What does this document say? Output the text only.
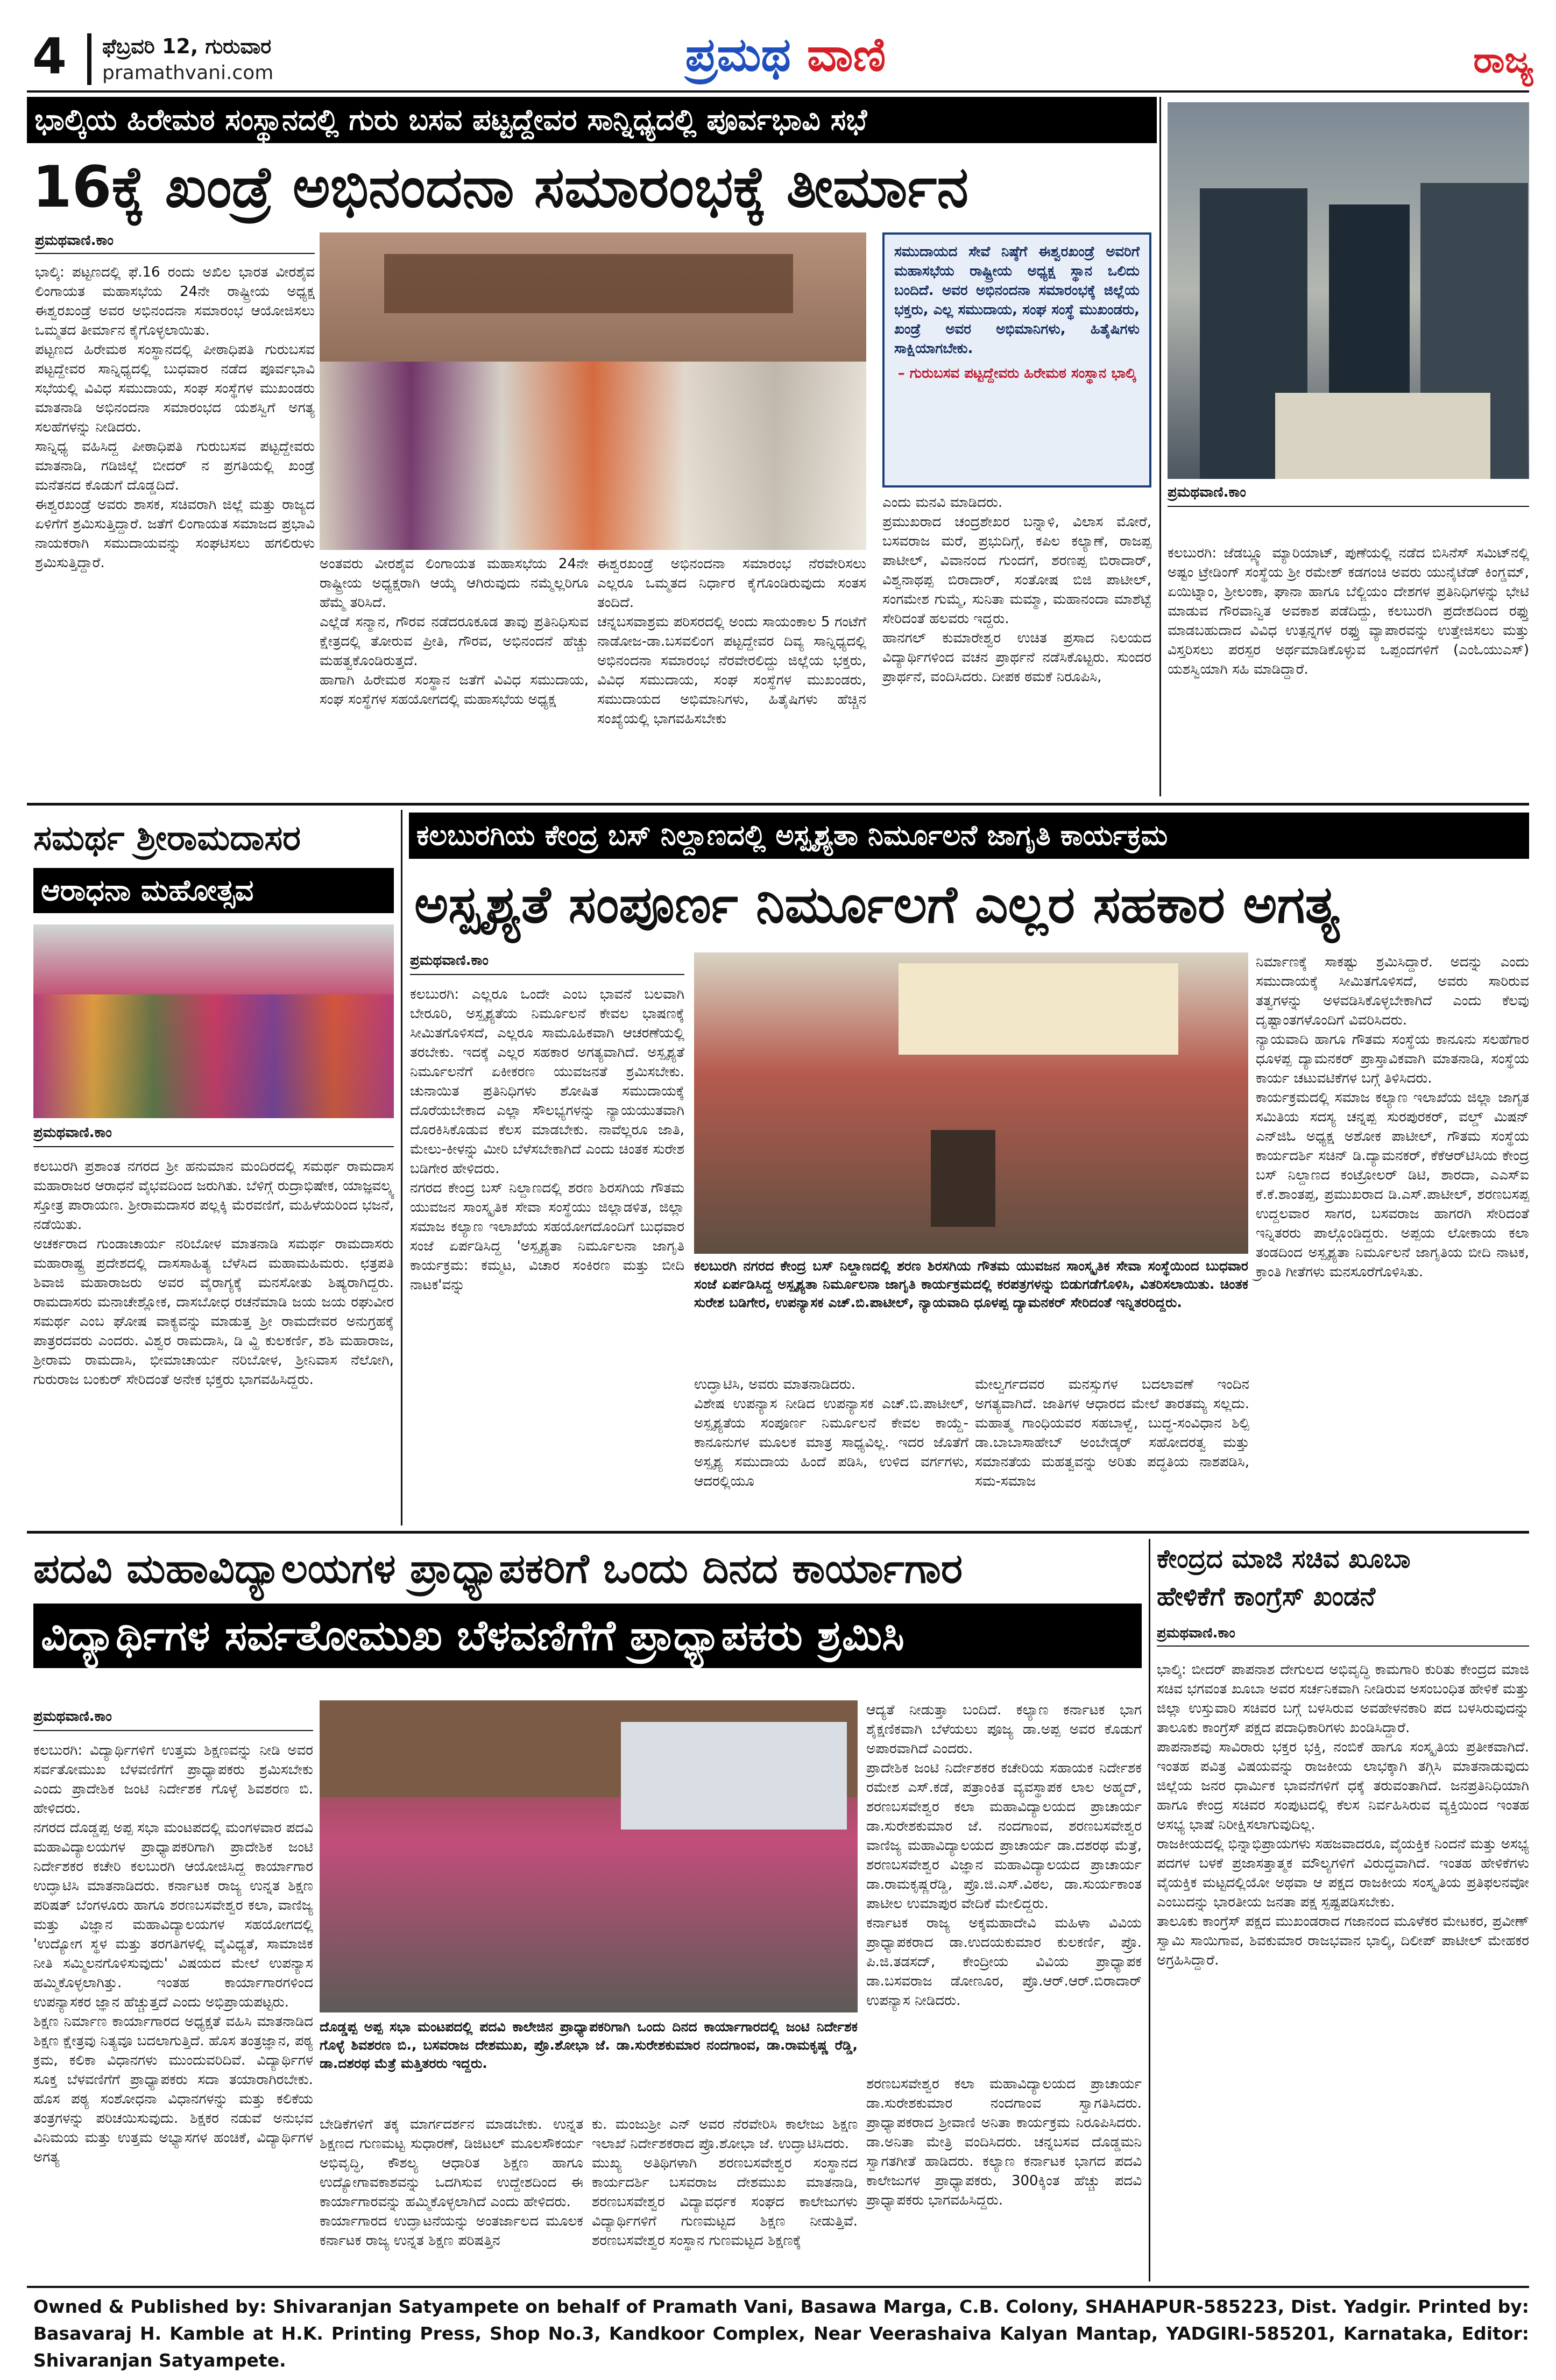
4 ಫೆಬ್ರವರಿ 12, ಗುರುವಾರ
pramathvani.com	ಪ್ರಮಥ ವಾಣಿ	ರಾಜ್ಯ
ಭಾಲ್ಕಿಯ ಹಿರೇಮಠ ಸಂಸ್ಥಾನದಲ್ಲಿ ಗುರು ಬಸವ ಪಟ್ಟದ್ದೇವರ ಸಾನ್ನಿಧ್ಯದಲ್ಲಿ ಪೂರ್ವಭಾವಿ ಸಭೆ
16ಕ್ಕೆ ಖಂಡ್ರೆ ಅಭಿನಂದನಾ ಸಮಾರಂಭಕ್ಕೆ ತೀರ್ಮಾನ
ಪ್ರಮಥವಾಣಿ.ಕಾಂ
ಭಾಲ್ಕಿ: ಪಟ್ಟಣದಲ್ಲಿ ಫೆ.16 ರಂದು ಅಖಿಲ ಭಾರತ ವೀರಶೈವ ಲಿಂಗಾಯತ ಮಹಾಸಭೆಯ 24ನೇ ರಾಷ್ಟ್ರೀಯ ಅಧ್ಯಕ್ಷ ಈಶ್ವರಖಂಡ್ರೆ ಅವರ ಅಭಿನಂದನಾ ಸಮಾರಂಭ ಆಯೋಜಿಸಲು ಒಮ್ಮತದ ತೀರ್ಮಾನ ಕೈಗೊಳ್ಳಲಾಯಿತು.
ಪಟ್ಟಣದ ಹಿರೇಮಠ ಸಂಸ್ಥಾನದಲ್ಲಿ ಪೀಠಾಧಿಪತಿ ಗುರುಬಸವ ಪಟ್ಟದ್ದೇವರ ಸಾನ್ನಿಧ್ಯದಲ್ಲಿ ಬುಧವಾರ ನಡೆದ ಪೂರ್ವಭಾವಿ ಸಭೆಯಲ್ಲಿ ವಿವಿಧ ಸಮುದಾಯ, ಸಂಘ ಸಂಸ್ಥೆಗಳ ಮುಖಂಡರು ಮಾತನಾಡಿ ಅಭಿನಂದನಾ ಸಮಾರಂಭದ ಯಶಸ್ವಿಗೆ ಅಗತ್ಯ ಸಲಹೆಗಳನ್ನು ನೀಡಿದರು.
ಸಾನ್ನಿಧ್ಯ ವಹಿಸಿದ್ದ ಪೀಠಾಧಿಪತಿ ಗುರುಬಸವ ಪಟ್ಟದ್ದೇವರು ಮಾತನಾಡಿ, ಗಡಿಜಿಲ್ಲೆ ಬೀದರ್ ನ ಪ್ರಗತಿಯಲ್ಲಿ ಖಂಡ್ರೆ ಮನೆತನದ ಕೊಡುಗೆ ದೊಡ್ಡದಿದೆ.
ಈಶ್ವರಖಂಡ್ರೆ ಅವರು ಶಾಸಕ, ಸಚಿವರಾಗಿ ಜಿಲ್ಲೆ ಮತ್ತು ರಾಜ್ಯದ ಏಳಿಗೆಗೆ ಶ್ರಮಿಸುತ್ತಿದ್ದಾರೆ. ಜತೆಗೆ ಲಿಂಗಾಯತ ಸಮಾಜದ ಪ್ರಭಾವಿ ನಾಯಕರಾಗಿ ಸಮುದಾಯವನ್ನು ಸಂಘಟಿಸಲು ಹಗಲಿರುಳು ಶ್ರಮಿಸುತ್ತಿದ್ದಾರೆ.	ಅಂತವರು ವೀರಶೈವ ಲಿಂಗಾಯತ ಮಹಾಸಭೆಯ 24ನೇ ರಾಷ್ಟ್ರೀಯ ಅಧ್ಯಕ್ಷರಾಗಿ ಆಯ್ಕೆ ಆಗಿರುವುದು ನಮ್ಮೆಲ್ಲರಿಗೂ ಹೆಮ್ಮೆ ತರಿಸಿದೆ.
ಎಲ್ಲೆಡೆ ಸನ್ಮಾನ, ಗೌರವ ನಡೆದರೂಕೂಡ ತಾವು ಪ್ರತಿನಿಧಿಸುವ ಕ್ಷೇತ್ರದಲ್ಲಿ ತೋರುವ ಪ್ರೀತಿ, ಗೌರವ, ಅಭಿನಂದನೆ ಹೆಚ್ಚು ಮಹತ್ವಕೊಂಡಿರುತ್ತದೆ.
ಹಾಗಾಗಿ ಹಿರೇಮಠ ಸಂಸ್ಥಾನ ಜತೆಗೆ ವಿವಿಧ ಸಮುದಾಯ, ಸಂಘ ಸಂಸ್ಥೆಗಳ ಸಹಯೋಗದಲ್ಲಿ ಮಹಾಸಭೆಯ ಅಧ್ಯಕ್ಷ
ಈಶ್ವರಖಂಡ್ರೆ ಅಭಿನಂದನಾ ಸಮಾರಂಭ ನೆರವೇರಿಸಲು ಎಲ್ಲರೂ ಒಮ್ಮತದ ನಿರ್ಧಾರ ಕೈಗೊಂಡಿರುವುದು ಸಂತಸ ತಂದಿದೆ.
ಚನ್ನಬಸವಾಶ್ರಮ ಪರಿಸರದಲ್ಲಿ ಅಂದು ಸಾಯಂಕಾಲ 5 ಗಂಟೆಗೆ ನಾಡೋಜ-ಡಾ.ಬಸವಲಿಂಗ ಪಟ್ಟದ್ದೇವರ ದಿವ್ಯ ಸಾನ್ನಿಧ್ಯದಲ್ಲಿ ಅಭಿನಂದನಾ ಸಮಾರಂಭ ನೆರವೇರಲಿದ್ದು ಜಿಲ್ಲೆಯ ಭಕ್ತರು, ವಿವಿಧ ಸಮುದಾಯ, ಸಂಘ ಸಂಸ್ಥೆಗಳ ಮುಖಂಡರು, ಸಮುದಾಯದ ಅಭಿಮಾನಿಗಳು, ಹಿತೈಷಿಗಳು ಹೆಚ್ಚಿನ ಸಂಖ್ಯೆಯಲ್ಲಿ ಭಾಗವಹಿಸಬೇಕು
ಸಮುದಾಯದ ಸೇವೆ ನಿಷ್ಠೆಗೆ ಈಶ್ವರಖಂಡ್ರೆ ಅವರಿಗೆ ಮಹಾಸಭೆಯ ರಾಷ್ಟ್ರೀಯ ಅಧ್ಯಕ್ಷ ಸ್ಥಾನ ಒಲಿದು ಬಂದಿದೆ. ಅವರ ಅಭಿನಂದನಾ ಸಮಾರಂಭಕ್ಕೆ ಜಿಲ್ಲೆಯ ಭಕ್ತರು, ಎಲ್ಲ ಸಮುದಾಯ, ಸಂಘ ಸಂಸ್ಥೆ ಮುಖಂಡರು, ಖಂಡ್ರೆ ಅವರ ಅಭಿಮಾನಿಗಳು, ಹಿತೈಷಿಗಳು ಸಾಕ್ಷಿಯಾಗಬೇಕು.
– ಗುರುಬಸವ ಪಟ್ಟದ್ದೇವರು ಹಿರೇಮಠ ಸಂಸ್ಥಾನ ಭಾಲ್ಕಿ
ಎಂದು ಮನವಿ ಮಾಡಿದರು.
ಪ್ರಮುಖರಾದ ಚಂದ್ರಶೇಖರ ಬನ್ನಾಳಿ, ವಿಲಾಸ ಮೋರೆ, ಬಸವರಾಜ ಮರೆ, ಪ್ರಭುದಿಗ್ಗೆ, ಕಪಿಲ ಕಲ್ಯಾಣೆ, ರಾಜಪ್ಪ ಪಾಟೀಲ್, ವಿವಾನಂದ ಗುಂದಗೆ, ಶರಣಪ್ಪ ಬಿರಾದಾರ್, ವಿಶ್ವನಾಥಪ್ಪ ಬಿರಾದಾರ್, ಸಂತೋಷ ಬಿಜಿ ಪಾಟೀಲ್, ಸಂಗಮೇಶ ಗುಮ್ಮೆ, ಸುನಿತಾ ಮಮ್ಮಾ, ಮಹಾನಂದಾ ಮಾಶೆಟ್ಟೆ ಸೇರಿದಂತೆ ಹಲವರು ಇದ್ದರು.
ಹಾನಗಲ್ ಕುಮಾರೇಶ್ವರ ಉಚಿತ ಪ್ರಸಾದ ನಿಲಯದ ವಿದ್ಯಾರ್ಥಿಗಳಿಂದ ವಚನ ಪ್ರಾರ್ಥನೆ ನಡೆಸಿಕೊಟ್ಟರು. ಸುಂದರ ಪ್ರಾರ್ಥನೆ, ವಂದಿಸಿದರು. ದೀಪಕ ಠಮಕೆ ನಿರೂಪಿಸಿ,
ಪ್ರಮಥವಾಣಿ.ಕಾಂ
ಕಲಬುರಗಿ: ಜೆಡಬ್ಲ್ಯೂ ಮ್ಯಾರಿಯಾಟ್, ಪುಣೆಯಲ್ಲಿ ನಡೆದ ಬಿಸಿನೆಸ್ ಸಮಿಟ್‌ನಲ್ಲಿ ಅಷ್ಟಂ ಟ್ರೇಡಿಂಗ್ ಸಂಸ್ಥೆಯ ಶ್ರೀ ರಮೇಶ್ ಕಡಗಂಚಿ ಅವರು ಯುನೈಟೆಡ್ ಕಿಂಗ್ಡಮ್, ಏಯಿಟ್ನಾಂ, ಶ್ರೀಲಂಕಾ, ಘಾನಾ ಹಾಗೂ ಬೆಲ್ಜಿಯಂ ದೇಶಗಳ ಪ್ರತಿನಿಧಿಗಳನ್ನು ಭೇಟಿ ಮಾಡುವ ಗೌರವಾನ್ವಿತ ಅವಕಾಶ ಪಡೆದಿದ್ದು, ಕಲಬುರಗಿ ಪ್ರದೇಶದಿಂದ ರಫ್ತು ಮಾಡಬಹುದಾದ ವಿವಿಧ ಉತ್ಪನ್ನಗಳ ರಫ್ತು ವ್ಯಾಪಾರವನ್ನು ಉತ್ತೇಜಿಸಲು ಮತ್ತು ವಿಸ್ತರಿಸಲು ಪರಸ್ಪರ ಅರ್ಥಮಾಡಿಕೊಳ್ಳುವ ಒಪ್ಪಂದಗಳಿಗೆ (ಎಂಓಯುಎಸ್) ಯಶಸ್ವಿಯಾಗಿ ಸಹಿ ಮಾಡಿದ್ದಾರೆ.
ಸಮರ್ಥ ಶ್ರೀರಾಮದಾಸರ
ಆರಾಧನಾ ಮಹೋತ್ಸವ
ಪ್ರಮಥವಾಣಿ.ಕಾಂ
ಕಲಬುರಗಿ ಪ್ರಶಾಂತ ನಗರದ ಶ್ರೀ ಹನುಮಾನ ಮಂದಿರದಲ್ಲಿ ಸಮರ್ಥ ರಾಮದಾಸ ಮಹಾರಾಜರ ಆರಾಧನೆ ವೈಭವದಿಂದ ಜರುಗಿತು. ಬೆಳಿಗ್ಗೆ ರುದ್ರಾಭಿಷೇಕ, ಯಾಜ್ಞವಲ್ಕ್ಯ ಸ್ತೋತ್ರ ಪಾರಾಯಣ. ಶ್ರೀರಾಮದಾಸರ ಪಲ್ಲಕ್ಕಿ ಮೆರವಣಿಗೆ, ಮಹಿಳೆಯರಿಂದ ಭಜನೆ, ನಡೆಯಿತು.
ಅಚರ್ಕರಾದ ಗುಂಡಾಚಾರ್ಯ ನರಿಬೋಳ ಮಾತನಾಡಿ ಸಮರ್ಥ ರಾಮದಾಸರು ಮಹಾರಾಷ್ಟ್ರ ಪ್ರದೇಶದಲ್ಲಿ ದಾಸಸಾಹಿತ್ಯ ಬೆಳೆಸಿದ ಮಹಾಮಹಿಮರು. ಛತ್ರಪತಿ ಶಿವಾಜಿ ಮಹಾರಾಜರು ಅವರ ವೈರಾಗ್ಯಕ್ಕೆ ಮನಸೋತು ಶಿಷ್ಯರಾಗಿದ್ದರು. ರಾಮದಾಸರು ಮನಾಚೇಶ್ಲೋಕ, ದಾಸಬೋಧ ರಚನೆಮಾಡಿ ಜಯ ಜಯ ರಘುವೀರ ಸಮರ್ಥ ಎಂಬ ಘೋಷ ವಾಕ್ಯವನ್ನು ಮಾಡುತ್ತ ಶ್ರೀ ರಾಮದೇವರ ಅನುಗ್ರಹಕ್ಕೆ ಪಾತ್ರರದವರು ಎಂದರು. ವಿಶ್ವರ ರಾಮದಾಸಿ, ಡಿ ವ್ಹಿ ಕುಲಕರ್ಣಿ, ಶಶಿ ಮಹಾರಾಜ, ಶ್ರೀರಾಮ ರಾಮದಾಸಿ, ಭೀಮಾಚಾರ್ಯ ನರಿಬೋಳ, ಶ್ರೀನಿವಾಸ ನೆಲೋಗಿ, ಗುರುರಾಜ ಬಂಕುರ್ ಸೇರಿದಂತೆ ಅನೇಕ ಭಕ್ತರು ಭಾಗವಹಿಸಿದ್ದರು.
ಕಲಬುರಗಿಯ ಕೇಂದ್ರ ಬಸ್ ನಿಲ್ದಾಣದಲ್ಲಿ ಅಸ್ಪೃಶ್ಯತಾ ನಿರ್ಮೂಲನೆ ಜಾಗೃತಿ ಕಾರ್ಯಕ್ರಮ
ಅಸ್ಪೃಶ್ಯತೆ ಸಂಪೂರ್ಣ ನಿರ್ಮೂಲಗೆ ಎಲ್ಲರ ಸಹಕಾರ ಅಗತ್ಯ
ಪ್ರಮಥವಾಣಿ.ಕಾಂ
ಕಲಬುರಗಿ: ಎಲ್ಲರೂ ಒಂದೇ ಎಂಬ ಭಾವನೆ ಬಲವಾಗಿ ಬೇರೂರಿ, ಅಸ್ಪೃಶ್ಯತೆಯ ನಿರ್ಮೂಲನೆ ಕೇವಲ ಭಾಷಣಕ್ಕೆ ಸೀಮಿತಗೊಳಿಸದೆ, ಎಲ್ಲರೂ ಸಾಮೂಹಿಕವಾಗಿ ಆಚರಣೆಯಲ್ಲಿ ತರಬೇಕು. ಇದಕ್ಕೆ ಎಲ್ಲರ ಸಹಕಾರ ಅಗತ್ಯವಾಗಿದೆ. ಅಸ್ಪೃಶ್ಯತೆ ನಿರ್ಮೂಲನೆಗೆ ಏಕೀಕರಣ ಯುವಜನತೆ ಶ್ರಮಿಸಬೇಕು. ಚುನಾಯಿತ ಪ್ರತಿನಿಧಿಗಳು ಶೋಷಿತ ಸಮುದಾಯಕ್ಕೆ ದೊರೆಯಬೇಕಾದ ಎಲ್ಲಾ ಸೌಲಭ್ಯಗಳನ್ನು ನ್ಯಾಯಯುತವಾಗಿ ದೊರಕಿಸಿಕೊಡುವ ಕೆಲಸ ಮಾಡಬೇಕು. ನಾವೆಲ್ಲರೂ ಜಾತಿ, ಮೇಲು-ಕೀಳನ್ನು ಮೀರಿ ಬೆಳೆಸಬೇಕಾಗಿದೆ ಎಂದು ಚಿಂತಕ ಸುರೇಶ ಬಡಿಗೇರ ಹೇಳಿದರು.
ನಗರದ ಕೇಂದ್ರ ಬಸ್ ನಿಲ್ದಾಣದಲ್ಲಿ ಶರಣ ಶಿರಸಗಿಯ ಗೌತಮ ಯುವಜನ ಸಾಂಸ್ಕೃತಿಕ ಸೇವಾ ಸಂಸ್ಥೆಯು ಜಿಲ್ಲಾಡಳಿತ, ಜಿಲ್ಲಾ ಸಮಾಜ ಕಲ್ಯಾಣ ಇಲಾಖೆಯ ಸಹಯೋಗದೊಂದಿಗೆ ಬುಧವಾರ ಸಂಜೆ ಏರ್ಪಡಿಸಿದ್ದ 'ಅಸ್ಪೃಶ್ಯತಾ ನಿರ್ಮೂಲನಾ ಜಾಗೃತಿ ಕಾರ್ಯಕ್ರಮ: ಕಮ್ಮಟ, ವಿಚಾರ ಸಂಕಿರಣ ಮತ್ತು ಬೀದಿ ನಾಟಕ'ವನ್ನು
ಕಲಬುರಗಿ ನಗರದ ಕೇಂದ್ರ ಬಸ್ ನಿಲ್ದಾಣದಲ್ಲಿ ಶರಣ ಶಿರಸಗಿಯ ಗೌತಮ ಯುವಜನ ಸಾಂಸ್ಕೃತಿಕ ಸೇವಾ ಸಂಸ್ಥೆಯಿಂದ ಬುಧವಾರ ಸಂಜೆ ಏರ್ಪಡಿಸಿದ್ದ ಅಸ್ಪೃಶ್ಯತಾ ನಿರ್ಮೂಲನಾ ಜಾಗೃತಿ ಕಾರ್ಯಕ್ರಮದಲ್ಲಿ ಕರಪತ್ರಗಳನ್ನು ಬಿಡುಗಡೆಗೊಳಿಸಿ, ವಿತರಿಸಲಾಯಿತು. ಚಿಂತಕ ಸುರೇಶ ಬಡಿಗೇರ, ಉಪನ್ಯಾಸಕ ಎಚ್.ಬಿ.ಪಾಟೀಲ್, ನ್ಯಾಯವಾದಿ ಧೂಳಪ್ಪ ದ್ಯಾಮನಕರ್ ಸೇರಿದಂತೆ ಇನ್ನಿತರರಿದ್ದರು.
ಉದ್ಘಾಟಿಸಿ, ಅವರು ಮಾತನಾಡಿದರು.
ವಿಶೇಷ ಉಪನ್ಯಾಸ ನೀಡಿದ ಉಪನ್ಯಾಸಕ ಎಚ್.ಬಿ.ಪಾಟೀಲ್, ಅಸ್ಪೃಶ್ಯತೆಯ ಸಂಪೂರ್ಣ ನಿರ್ಮೂಲನೆ ಕೇವಲ ಕಾಯ್ದೆ-ಕಾನೂನುಗಳ ಮೂಲಕ ಮಾತ್ರ ಸಾಧ್ಯವಿಲ್ಲ. ಇದರ ಜೊತೆಗೆ ಅಸ್ಪೃಶ್ಯ ಸಮುದಾಯ ಹಿಂದೆ ಪಡಿಸಿ, ಉಳಿದ ವರ್ಗಗಳು, ಆದರಲ್ಲಿಯೂ
ಮೇಲ್ವರ್ಗದವರ ಮನಸ್ಸುಗಳ ಬದಲಾವಣೆ ಇಂದಿನ ಅಗತ್ಯವಾಗಿದೆ. ಜಾತಿಗಳ ಆಧಾರದ ಮೇಲೆ ತಾರತಮ್ಯ ಸಲ್ಲದು. ಮಹಾತ್ಮ ಗಾಂಧಿಯವರ ಸಹಬಾಳ್ವೆ, ಬುದ್ಧ-ಸಂವಿಧಾನ ಶಿಲ್ಪಿ ಡಾ.ಬಾಬಾಸಾಹೇಬ್ ಅಂಬೇಡ್ಕರ್ ಸಹೋದರತ್ವ ಮತ್ತು ಸಮಾನತೆಯ ಮಹತ್ವವನ್ನು ಅರಿತು ಪದ್ಧತಿಯ ನಾಶಪಡಿಸಿ, ಸಮ-ಸಮಾಜ
ನಿರ್ಮಾಣಕ್ಕೆ ಸಾಕಷ್ಟು ಶ್ರಮಿಸಿದ್ದಾರೆ. ಅದನ್ನು ಎಂದು ಸಮುದಾಯಕ್ಕೆ ಸೀಮಿತಗೊಳಿಸದೆ, ಅವರು ಸಾರಿರುವ ತತ್ವಗಳನ್ನು ಅಳವಡಿಸಿಕೊಳ್ಳಬೇಕಾಗಿದೆ ಎಂದು ಕೆಲವು ದೃಷ್ಟಾಂತಗಳೊಂದಿಗೆ ವಿವರಿಸಿದರು.
ನ್ಯಾಯವಾದಿ ಹಾಗೂ ಗೌತಮ ಸಂಸ್ಥೆಯ ಕಾನೂನು ಸಲಹೆಗಾರ ಧೂಳಪ್ಪ ದ್ಯಾಮನಕರ್ ಪ್ರಾಸ್ತಾವಿಕವಾಗಿ ಮಾತನಾಡಿ, ಸಂಸ್ಥೆಯ ಕಾರ್ಯ ಚಟುವಟಿಕೆಗಳ ಬಗ್ಗೆ ತಿಳಿಸಿದರು.
ಕಾರ್ಯಕ್ರಮದಲ್ಲಿ ಸಮಾಜ ಕಲ್ಯಾಣ ಇಲಾಖೆಯ ಜಿಲ್ಲಾ ಜಾಗೃತ ಸಮಿತಿಯ ಸದಸ್ಯ ಚನ್ನಪ್ಪ ಸುರಪುರಕರ್, ವಲ್ಡ್ ಮಿಷನ್ ಎನ್‌ಜಿಓ ಅಧ್ಯಕ್ಷ ಅಶೋಕ ಪಾಟೀಲ್, ಗೌತಮ ಸಂಸ್ಥೆಯ ಕಾರ್ಯದರ್ಶಿ ಸಚಿನ್ ಡಿ.ದ್ಯಾಮನಕರ್, ಕೆಕೆಆರ್‌ಟಿಸಿಯ ಕೇಂದ್ರ ಬಸ್ ನಿಲ್ದಾಣದ ಕಂಟ್ರೋಲರ್ ಡಿಟಿ, ಶಾರದಾ, ಎಎಸ್‌ಐ ಕೆ.ಕೆ.ಶಾಂತಪ್ಪ, ಪ್ರಮುಖರಾದ ಡಿ.ಎಸ್.ಪಾಟೀಲ್, ಶರಣಬಸಪ್ಪ ಉದ್ದಲವಾರ ಸಾಗರ, ಬಸವರಾಜ ಹಾಗರಗಿ ಸೇರಿದಂತೆ ಇನ್ನಿತರರು ಪಾಲ್ಗೊಂಡಿದ್ದರು. ಅಪ್ಪಯ ಲೋಕಾಯ ಕಲಾ ತಂಡದಿಂದ ಅಸ್ಪೃಶ್ಯತಾ ನಿರ್ಮೂಲನೆ ಜಾಗೃತಿಯ ಬೀದಿ ನಾಟಕ, ಕ್ರಾಂತಿ ಗೀತೆಗಳು ಮನಸೂರೆಗೊಳಿಸಿತು.
ಪದವಿ ಮಹಾವಿದ್ಯಾಲಯಗಳ ಪ್ರಾಧ್ಯಾಪಕರಿಗೆ ಒಂದು ದಿನದ ಕಾರ್ಯಾಗಾರ
ವಿದ್ಯಾರ್ಥಿಗಳ ಸರ್ವತೋಮುಖ ಬೆಳವಣಿಗೆಗೆ ಪ್ರಾಧ್ಯಾಪಕರು ಶ್ರಮಿಸಿ
ಪ್ರಮಥವಾಣಿ.ಕಾಂ
ಕಲಬುರಗಿ: ವಿದ್ಯಾರ್ಥಿಗಳಿಗೆ ಉತ್ತಮ ಶಿಕ್ಷಣವನ್ನು ನೀಡಿ ಅವರ ಸರ್ವತೋಮುಖ ಬೆಳವಣಿಗೆಗೆ ಪ್ರಾಧ್ಯಾಪಕರು ಶ್ರಮಿಸಬೇಕು ಎಂದು ಪ್ರಾದೇಶಿಕ ಜಂಟಿ ನಿರ್ದೇಶಕ ಗೊಳ್ಳೆ ಶಿವಶರಣ ಬಿ. ಹೇಳಿದರು.
ನಗರದ ದೊಡ್ಡಪ್ಪ ಅಪ್ಪ ಸಭಾ ಮಂಟಪದಲ್ಲಿ ಮಂಗಳವಾರ ಪದವಿ ಮಹಾವಿದ್ಯಾಲಯಗಳ ಪ್ರಾಧ್ಯಾಪಕರಿಗಾಗಿ ಪ್ರಾದೇಶಿಕ ಜಂಟಿ ನಿರ್ದೇಶಕರ ಕಚೇರಿ ಕಲಬುರಗಿ ಆಯೋಜಿಸಿದ್ದ ಕಾರ್ಯಾಗಾರ ಉದ್ಘಾಟಿಸಿ ಮಾತನಾಡಿದರು. ಕರ್ನಾಟಕ ರಾಜ್ಯ ಉನ್ನತ ಶಿಕ್ಷಣ ಪರಿಷತ್ ಬೆಂಗಳೂರು ಹಾಗೂ ಶರಣಬಸವೇಶ್ವರ ಕಲಾ, ವಾಣಿಜ್ಯ ಮತ್ತು ವಿಜ್ಞಾನ ಮಹಾವಿದ್ಯಾಲಯಗಳ ಸಹಯೋಗದಲ್ಲಿ 'ಉದ್ಯೋಗ ಸ್ಥಳ ಮತ್ತು ತರಗತಿಗಳಲ್ಲಿ ವೈವಿಧ್ಯತೆ, ಸಾಮಾಜಿಕ ನೀತಿ ಸಮ್ಮಿಲನಗೊಳಿಸುವುದು' ವಿಷಯದ ಮೇಲೆ ಉಪನ್ಯಾಸ ಹಮ್ಮಿಕೊಳ್ಳಲಾಗಿತ್ತು. ಇಂತಹ ಕಾರ್ಯಾಗಾರಗಳಿಂದ ಉಪನ್ಯಾಸಕರ ಜ್ಞಾನ ಹೆಚ್ಚುತ್ತದೆ ಎಂದು ಅಭಿಪ್ರಾಯಪಟ್ಟರು.
ಶಿಕ್ಷಣ ನಿರ್ಮಾಣ ಕಾರ್ಯಾಗಾರದ ಅಧ್ಯಕ್ಷತೆ ವಹಿಸಿ ಮಾತನಾಡಿದ ಶಿಕ್ಷಣ ಕ್ಷೇತ್ರವು ನಿತ್ಯವೂ ಬದಲಾಗುತ್ತಿದೆ. ಹೊಸ ತಂತ್ರಜ್ಞಾನ, ಪಠ್ಯ ಕ್ರಮ, ಕಲಿಕಾ ವಿಧಾನಗಳು ಮುಂದುವರಿದಿವೆ. ವಿದ್ಯಾರ್ಥಿಗಳ ಸೂಕ್ತ ಬೆಳವಣಿಗೆಗೆ ಪ್ರಾಧ್ಯಾಪಕರು ಸದಾ ತಯಾರಾಗಿರಬೇಕು. ಹೊಸ ಪಠ್ಯ ಸಂಶೋಧನಾ ವಿಧಾನಗಳನ್ನು ಮತ್ತು ಕಲಿಕೆಯ ತಂತ್ರಗಳನ್ನು ಪರಿಚಯಿಸುವುದು. ಶಿಕ್ಷಕರ ನಡುವೆ ಅನುಭವ ವಿನಿಮಯ ಮತ್ತು ಉತ್ತಮ ಅಭ್ಯಾಸಗಳ ಹಂಚಿಕೆ, ವಿದ್ಯಾರ್ಥಿಗಳ ಅಗತ್ಯ
ದೊಡ್ಡಪ್ಪ ಅಪ್ಪ ಸಭಾ ಮಂಟಪದಲ್ಲಿ ಪದವಿ ಕಾಲೇಜಿನ ಪ್ರಾಧ್ಯಾಪಕರಿಗಾಗಿ ಒಂದು ದಿನದ ಕಾರ್ಯಾಗಾರದಲ್ಲಿ ಜಂಟಿ ನಿರ್ದೇಶಕ ಗೊಳ್ಳೆ ಶಿವಶರಣ ಬಿ., ಬಸವರಾಜ ದೇಶಮುಖ, ಪ್ರೊ.ಶೋಭಾ ಜೆ. ಡಾ.ಸುರೇಶಕುಮಾರ ನಂದಗಾಂವ, ಡಾ.ರಾಮಕೃಷ್ಣ ರೆಡ್ಡಿ, ಡಾ.ದಶರಥ ಮೆತ್ರೆ ಮತ್ತಿತರರು ಇದ್ದರು.
ಬೇಡಿಕೆಗಳಿಗೆ ತಕ್ಕ ಮಾರ್ಗದರ್ಶನ ಮಾಡಬೇಕು. ಉನ್ನತ ಶಿಕ್ಷಣದ ಗುಣಮಟ್ಟ ಸುಧಾರಣೆ, ಡಿಜಿಟಲ್ ಮೂಲಸೌಕರ್ಯ ಅಭಿವೃದ್ಧಿ, ಕೌಶಲ್ಯ ಆಧಾರಿತ ಶಿಕ್ಷಣ ಹಾಗೂ ಉದ್ಯೋಗಾವಕಾಶವನ್ನು ಒದಗಿಸುವ ಉದ್ದೇಶದಿಂದ ಈ ಕಾರ್ಯಾಗಾರವನ್ನು ಹಮ್ಮಿಕೊಳ್ಳಲಾಗಿದೆ ಎಂದು ಹೇಳಿದರು.
ಕಾರ್ಯಾಗಾರದ ಉದ್ಘಾಟನೆಯನ್ನು ಅಂತರ್ಜಾಲದ ಮೂಲಕ ಕರ್ನಾಟಕ ರಾಜ್ಯ ಉನ್ನತ ಶಿಕ್ಷಣ ಪರಿಷತ್ತಿನ
ಕು. ಮಂಜುಶ್ರೀ ಎನ್ ಅವರ ನೆರವೇರಿಸಿ ಕಾಲೇಜು ಶಿಕ್ಷಣ ಇಲಾಖೆ ನಿರ್ದೇಶಕರಾದ ಪ್ರೊ.ಶೋಭಾ ಜೆ. ಉದ್ಘಾಟಿಸಿದರು.
ಮುಖ್ಯ ಅತಿಥಿಗಳಾಗಿ ಶರಣಬಸವೇಶ್ವರ ಸಂಸ್ಥಾನದ ಕಾರ್ಯದರ್ಶಿ ಬಸವರಾಜ ದೇಶಮುಖ ಮಾತನಾಡಿ, ಶರಣಬಸವೇಶ್ವರ ವಿದ್ಯಾವರ್ಧಕ ಸಂಘದ ಕಾಲೇಜುಗಳು ವಿದ್ಯಾರ್ಥಿಗಳಿಗೆ ಗುಣಮಟ್ಟದ ಶಿಕ್ಷಣ ನೀಡುತ್ತಿವೆ. ಶರಣಬಸವೇಶ್ವರ ಸಂಸ್ಥಾನ ಗುಣಮಟ್ಟದ ಶಿಕ್ಷಣಕ್ಕೆ
ಆದ್ಯತೆ ನೀಡುತ್ತಾ ಬಂದಿದೆ. ಕಲ್ಯಾಣ ಕರ್ನಾಟಕ ಭಾಗ ಶೈಕ್ಷಣಿಕವಾಗಿ ಬೆಳೆಯಲು ಪೂಜ್ಯ ಡಾ.ಅಪ್ಪ ಅವರ ಕೊಡುಗೆ ಅಪಾರವಾಗಿದೆ ಎಂದರು.
ಪ್ರಾದೇಶಿಕ ಜಂಟಿ ನಿರ್ದೇಶಕರ ಕಚೇರಿಯ ಸಹಾಯಕ ನಿರ್ದೇಶಕ ರಮೇಶ ಎಸ್.ಕಡೆ, ಪತ್ರಾಂಕಿತ ವ್ಯವಸ್ಥಾಪಕ ಲಾಲ ಅಹ್ಮದ್, ಶರಣಬಸವೇಶ್ವರ ಕಲಾ ಮಹಾವಿದ್ಯಾಲಯದ ಪ್ರಾಚಾರ್ಯ ಡಾ.ಸುರೇಶಕುಮಾರ ಜೆ. ನಂದಗಾಂವ, ಶರಣಬಸವೇಶ್ವರ ವಾಣಿಜ್ಯ ಮಹಾವಿದ್ಯಾಲಯದ ಪ್ರಾಚಾರ್ಯ ಡಾ.ದಶರಥ ಮೆತ್ರೆ, ಶರಣಬಸವೇಶ್ವರ ವಿಜ್ಞಾನ ಮಹಾವಿದ್ಯಾಲಯದ ಪ್ರಾಚಾರ್ಯ ಡಾ.ರಾಮಕೃಷ್ಣರೆಡ್ಡಿ, ಪ್ರೊ.ಜಿ.ಎಸ್.ವಿಠಲ, ಡಾ.ಸುರ್ಯಕಾಂತ ಪಾಟೀಲ ಉಮಾಪುರ ವೇದಿಕೆ ಮೇಲಿದ್ದರು.
ಕರ್ನಾಟಕ ರಾಜ್ಯ ಅಕ್ಕಮಹಾದೇವಿ ಮಹಿಳಾ ವಿವಿಯ ಪ್ರಾಧ್ಯಾಪಕರಾದ ಡಾ.ಉದಯಕುಮಾರ ಕುಲಕರ್ಣಿ, ಪ್ರೊ. ಪಿ.ಜಿ.ತಡಸದ್, ಕೇಂದ್ರೀಯ ವಿವಿಯ ಪ್ರಾಧ್ಯಾಪಕ ಡಾ.ಬಸವರಾಜ ಡೋಣೂರ, ಪ್ರೊ.ಆರ್.ಆರ್.ಬಿರಾದಾರ್ ಉಪನ್ಯಾಸ ನೀಡಿದರು.
ಶರಣಬಸವೇಶ್ವರ ಕಲಾ ಮಹಾವಿದ್ಯಾಲಯದ ಪ್ರಾಚಾರ್ಯ ಡಾ.ಸುರೇಶಕುಮಾರ ನಂದಗಾಂವ ಸ್ವಾಗತಿಸಿದರು. ಪ್ರಾಧ್ಯಾಪಕರಾದ ಶ್ರೀವಾಣಿ ಅನಿತಾ ಕಾರ್ಯಕ್ರಮ ನಿರೂಪಿಸಿದರು. ಡಾ.ಅನಿತಾ ಮೇತ್ರಿ ವಂದಿಸಿದರು. ಚನ್ನಬಸವ ದೊಡ್ಡಮನಿ ಸ್ವಾಗತಗೀತೆ ಹಾಡಿದರು. ಕಲ್ಯಾಣ ಕರ್ನಾಟಕ ಭಾಗದ ಪದವಿ ಕಾಲೇಜುಗಳ ಪ್ರಾಧ್ಯಾಪಕರು, 300ಕ್ಕಿಂತ ಹೆಚ್ಚು ಪದವಿ ಪ್ರಾಧ್ಯಾಪಕರು ಭಾಗವಹಿಸಿದ್ದರು.
ಕೇಂದ್ರದ ಮಾಜಿ ಸಚಿವ ಖೂಬಾ
ಹೇಳಿಕೆಗೆ ಕಾಂಗ್ರೆಸ್ ಖಂಡನೆ
ಪ್ರಮಥವಾಣಿ.ಕಾಂ
ಭಾಲ್ಕಿ: ಬೀದರ್ ಪಾಪನಾಶ ದೇಗುಲದ ಅಭಿವೃದ್ಧಿ ಕಾಮಗಾರಿ ಕುರಿತು ಕೇಂದ್ರದ ಮಾಜಿ ಸಚಿವ ಭಗವಂತ ಖೂಬಾ ಅವರ ಸರ್ಚನಿಕವಾಗಿ ನೀಡಿರುವ ಅಸಂಬಂಧಿತ ಹೇಳಿಕೆ ಮತ್ತು ಜಿಲ್ಲಾ ಉಸ್ತುವಾರಿ ಸಚಿವರ ಬಗ್ಗೆ ಬಳಸಿರುವ ಅವಹೇಳನಕಾರಿ ಪದ ಬಳಸಿರುವುದನ್ನು ತಾಲೂಕು ಕಾಂಗ್ರೆಸ್ ಪಕ್ಷದ ಪದಾಧಿಕಾರಿಗಳು ಖಂಡಿಸಿದ್ದಾರೆ.
ಪಾಪನಾಶವು ಸಾವಿರಾರು ಭಕ್ತರ ಭಕ್ತಿ, ನಂಬಿಕೆ ಹಾಗೂ ಸಂಸ್ಕೃತಿಯ ಪ್ರತೀಕವಾಗಿದೆ. ಇಂತಹ ಪವಿತ್ರ ವಿಷಯವನ್ನು ರಾಜಕೀಯ ಲಾಭಕ್ಕಾಗಿ ತಗ್ಗಿಸಿ ಮಾತನಾಡುವುದು ಜಿಲ್ಲೆಯ ಜನರ ಧಾರ್ಮಿಕ ಭಾವನೆಗಳಿಗೆ ಧಕ್ಕೆ ತರುವಂತಾಗಿದೆ. ಜನಪ್ರತಿನಿಧಿಯಾಗಿ ಹಾಗೂ ಕೇಂದ್ರ ಸಚಿವರ ಸಂಪುಟದಲ್ಲಿ ಕೆಲಸ ನಿರ್ವಹಿಸಿರುವ ವ್ಯಕ್ತಿಯಿಂದ ಇಂತಹ ಅಸಭ್ಯ ಭಾಷೆ ನಿರೀಕ್ಷಿಸಲಾಗುವುದಿಲ್ಲ.
ರಾಜಕೀಯದಲ್ಲಿ ಭಿನ್ನಾಭಿಪ್ರಾಯಗಳು ಸಹಜವಾದರೂ, ವೈಯಕ್ತಿಕ ನಿಂದನೆ ಮತ್ತು ಅಸಭ್ಯ ಪದಗಳ ಬಳಕೆ ಪ್ರಜಾಸತ್ತಾತ್ಮಕ ಮೌಲ್ಯಗಳಿಗೆ ವಿರುದ್ಧವಾಗಿದೆ. ಇಂತಹ ಹೇಳಿಕೆಗಳು ವೈಯಕ್ತಿಕ ಮಟ್ಟದಲ್ಲಿಯೋ ಅಥವಾ ಆ ಪಕ್ಷದ ರಾಜಕೀಯ ಸಂಸ್ಕೃತಿಯ ಪ್ರತಿಫಲನವೋ ಎಂಬುದನ್ನು ಭಾರತೀಯ ಜನತಾ ಪಕ್ಷ ಸ್ಪಷ್ಟಪಡಿಸಬೇಕು.
ತಾಲೂಕು ಕಾಂಗ್ರೆಸ್ ಪಕ್ಷದ ಮುಖಂಡರಾದ ಗಜಾನಂದ ಮೂಳೆಕರ ಮೇಟಕರ, ಪ್ರವೀಣ್ ಸ್ವಾಮಿ ಸಾಯಿಗಾವ, ಶಿವಕುಮಾರ ರಾಜಭವಾನ ಭಾಲ್ಕಿ, ದಿಲೀಪ್ ಪಾಟೀಲ್ ಮೇಹಕರ ಅಗ್ರಹಿಸಿದ್ದಾರೆ.
Owned & Published by: Shivaranjan Satyampete on behalf of Pramath Vani, Basawa Marga, C.B. Colony, SHAHAPUR-585223, Dist. Yadgir. Printed by: Basavaraj H. Kamble at H.K. Printing Press, Shop No.3, Kandkoor Complex, Near Veerashaiva Kalyan Mantap, YADGIRI-585201, Karnataka, Editor: Shivaranjan Satyampete.
